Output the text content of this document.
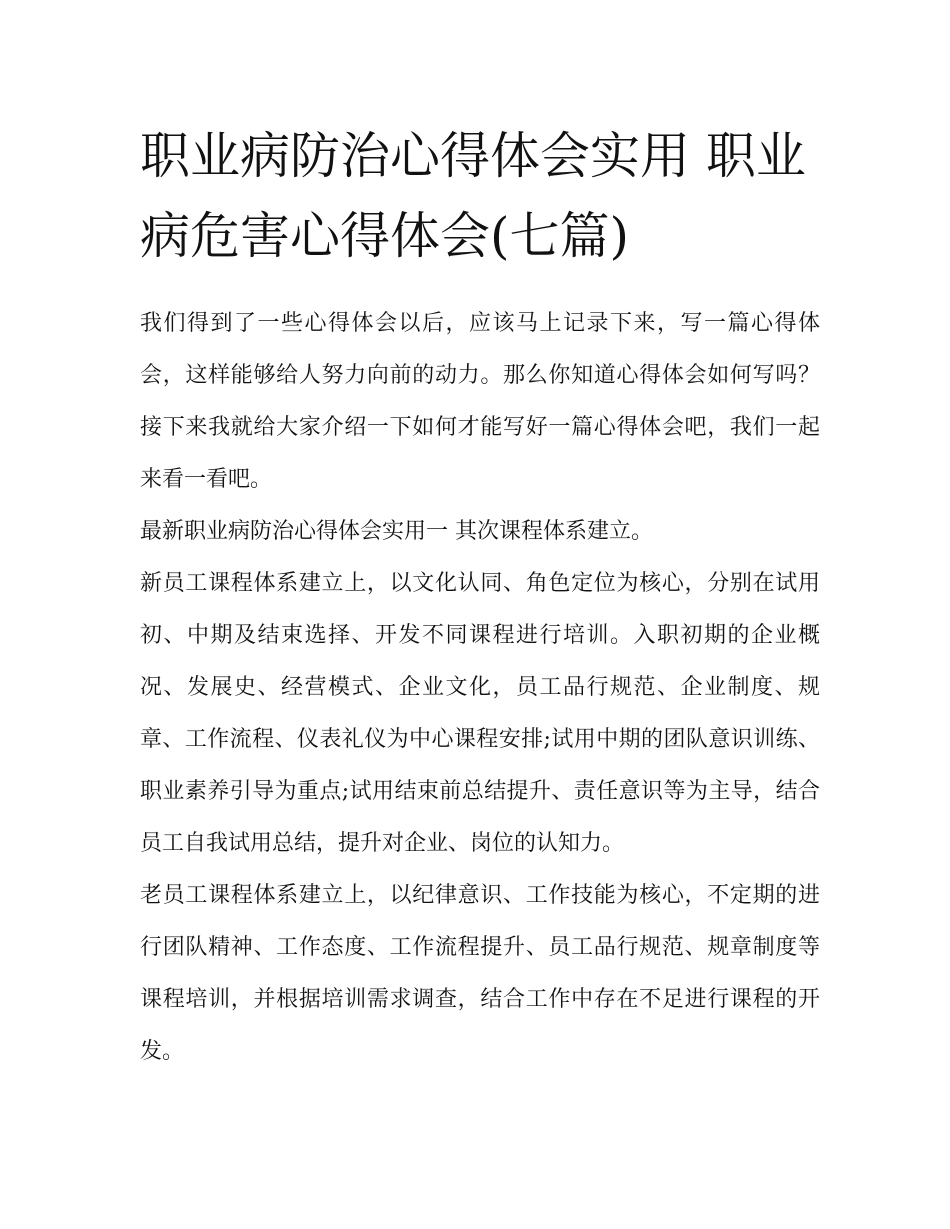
职业病防治心得体会实用 职业病危害心得体会(七篇)

我们得到了一些心得体会以后，应该马上记录下来，写一篇心得体会，这样能够给人努力向前的动力。那么你知道心得体会如何写吗？接下来我就给大家介绍一下如何才能写好一篇心得体会吧，我们一起来看一看吧。

最新职业病防治心得体会实用一 其次课程体系建立。

新员工课程体系建立上，以文化认同、角色定位为核心，分别在试用初、中期及结束选择、开发不同课程进行培训。入职初期的企业概况、发展史、经营模式、企业文化，员工品行规范、企业制度、规章、工作流程、仪表礼仪为中心课程安排;试用中期的团队意识训练、职业素养引导为重点;试用结束前总结提升、责任意识等为主导，结合员工自我试用总结，提升对企业、岗位的认知力。

老员工课程体系建立上，以纪律意识、工作技能为核心，不定期的进行团队精神、工作态度、工作流程提升、员工品行规范、规章制度等课程培训，并根据培训需求调查，结合工作中存在不足进行课程的开发。
